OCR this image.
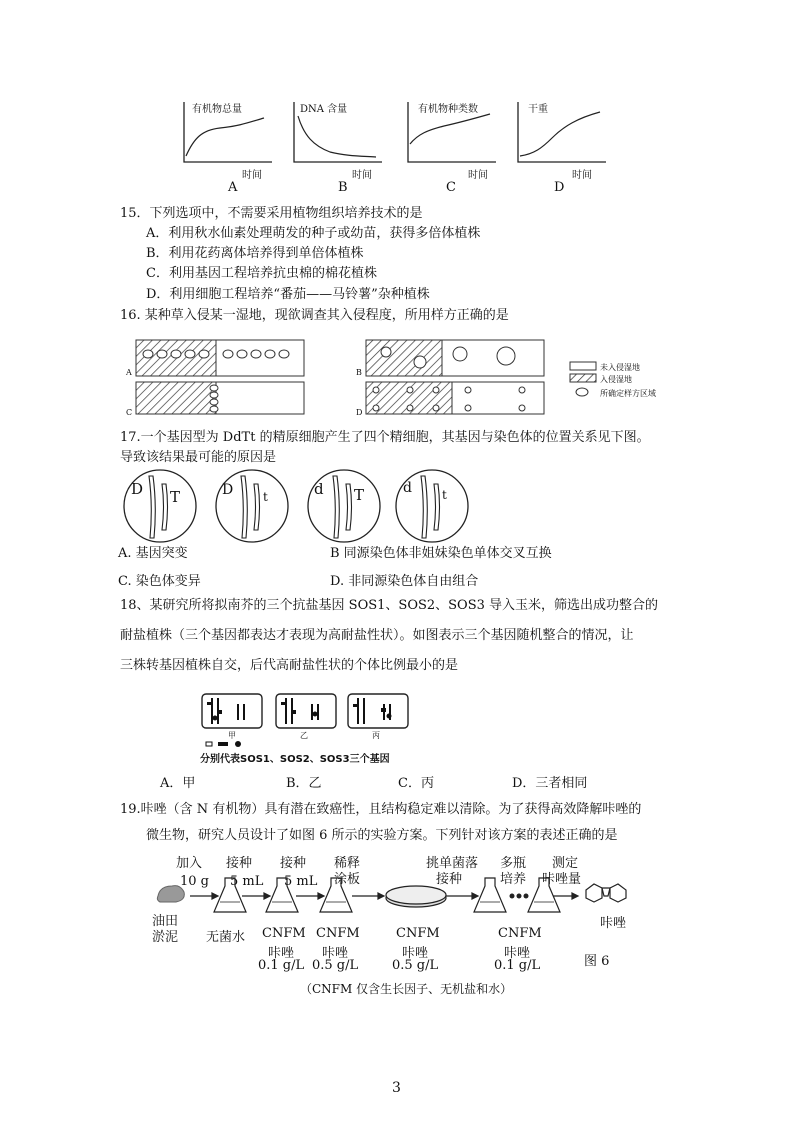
有机物总量
时间
A
DNA 含量
时间
B
有机物种类数
时间
C
干重
时间
D
15．下列选项中，不需要采用植物组织培养技术的是
A．利用秋水仙素处理萌发的种子或幼苗，获得多倍体植株
B．利用花药离体培养得到单倍体植株
C．利用基因工程培养抗虫棉的棉花植株
D．利用细胞工程培养“番茄——马铃薯”杂种植株
16. 某种草入侵某一湿地，现欲调查其入侵程度，所用样方正确的是
A	B
C	D
未入侵湿地
入侵湿地
所确定样方区域
17.一个基因型为 DdTt 的精原细胞产生了四个精细胞，其基因与染色体的位置关系见下图。
导致该结果最可能的原因是
D T	D t	d T	d	t
A. 基因突变	B 同源染色体非姐妹染色单体交叉互换
C. 染色体变异	D. 非同源染色体自由组合
18、某研究所将拟南芥的三个抗盐基因 SOS1、SOS2、SOS3 导入玉米，筛选出成功整合的
耐盐植株（三个基因都表达才表现为高耐盐性状）。如图表示三个基因随机整合的情况，让
三株转基因植株自交，后代高耐盐性状的个体比例最小的是
甲	乙	丙
分别代表SOS1、SOS2、SOS3三个基因
A．甲	B．乙	C．丙	D．三者相同
19.咔唑（含 N 有机物）具有潜在致癌性，且结构稳定难以清除。为了获得高效降解咔唑的
微生物，研究人员设计了如图 6 所示的实验方案。下列针对该方案的表述正确的是
加入 接种 接种 稀释
涂板
挑单菌落
接种
多瓶
培养
测定
咔唑量
10 g 5 mL 5 mL
油田
淤泥 无菌水 CNFM
咔唑
0.1 g/L
CNFM
咔唑
0.5 g/L
CNFM
咔唑
0.5 g/L
CNFM
咔唑
0.1 g/L
咔唑
图 6
（CNFM 仅含生长因子、无机盐和水）
3
